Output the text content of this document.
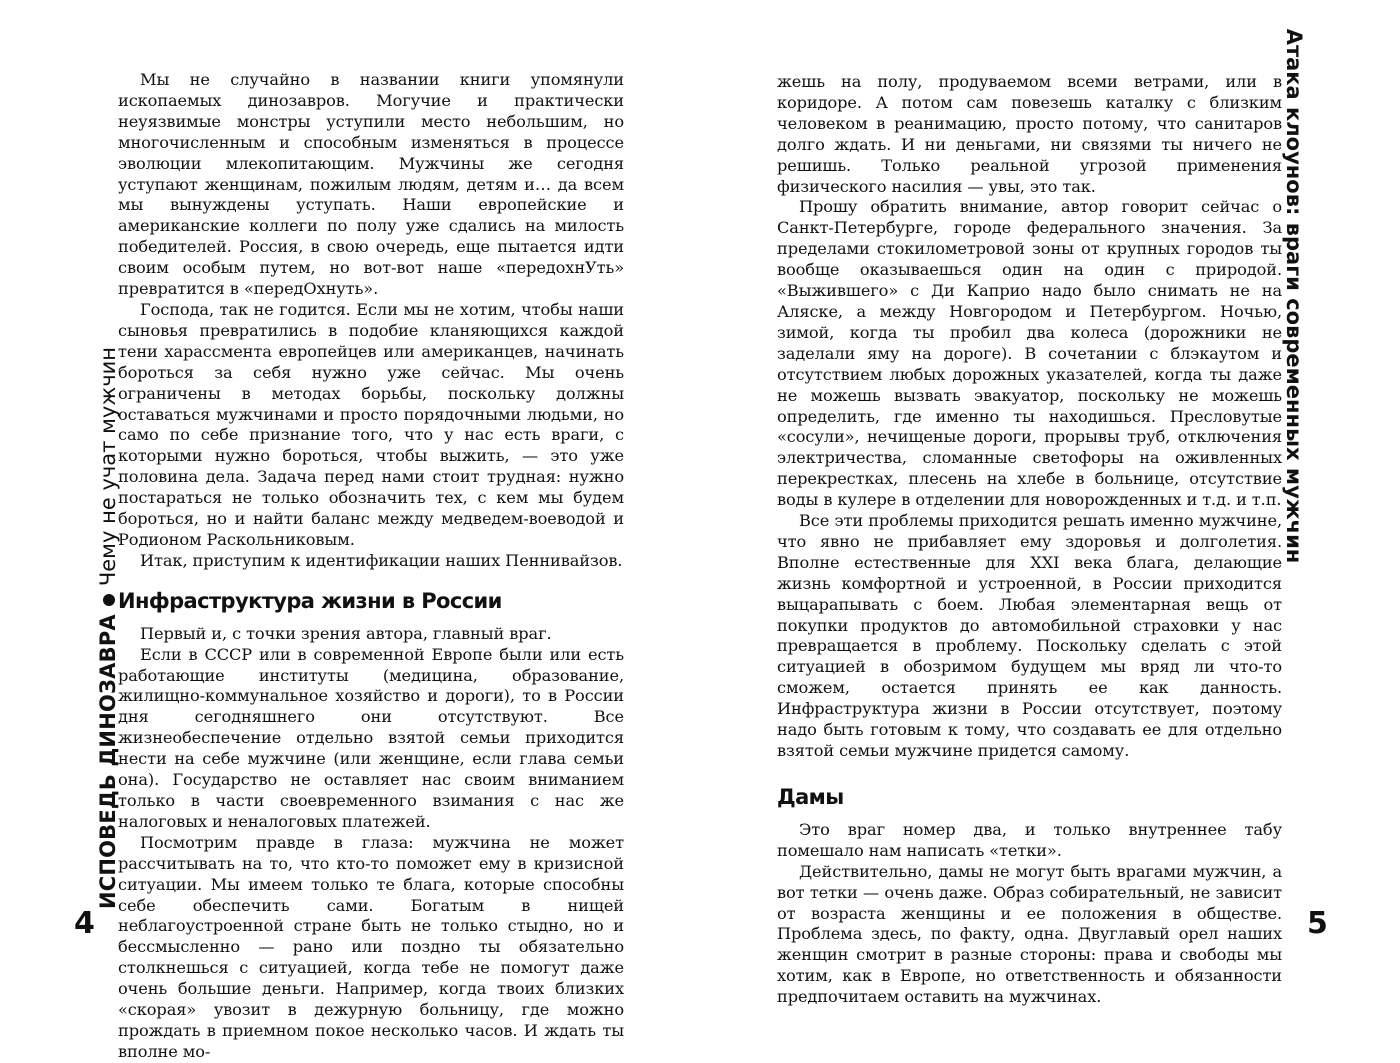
ИСПОВЕДЬ ДИНОЗАВРАЧему не учат мужчин

Мы не случайно в названии книги упомянули ископаемых динозавров. Могучие и практически неуязвимые монстры уступили место небольшим, но многочисленным и способным изменяться в процессе эволюции млекопитающим. Мужчины же сегодня уступают женщинам, пожилым людям, детям и… да всем мы вынуждены уступать. Наши европейские и американские коллеги по полу уже сдались на милость победителей. Россия, в свою очередь, еще пытается идти своим особым путем, но вот-вот наше «передохнУть» превратится в «передОхнуть».

Господа, так не годится. Если мы не хотим, чтобы наши сыновья превратились в подобие кланяющихся каждой тени харассмента европейцев или американцев, начинать бороться за себя нужно уже сейчас. Мы очень ограничены в методах борьбы, поскольку должны оставаться мужчинами и просто порядочными людьми, но само по себе признание того, что у нас есть враги, с которыми нужно бороться, чтобы выжить, — это уже половина дела. Задача перед нами стоит трудная: нужно постараться не только обозначить тех, с кем мы будем бороться, но и найти баланс между медведем-воеводой и Родионом Раскольниковым.

Итак, приступим к идентификации наших Пеннивайзов.

Инфраструктура жизни в России

Первый и, с точки зрения автора, главный враг.

Если в СССР или в современной Европе были или есть работающие институты (медицина, образование, жилищно-коммунальное хозяйство и дороги), то в России дня сегодняшнего они отсутствуют. Все жизнеобеспечение отдельно взятой семьи приходится нести на себе мужчине (или женщине, если глава семьи она). Государство не оставляет нас своим вниманием только в части своевременного взимания с нас же налоговых и неналоговых платежей.

Посмотрим правде в глаза: мужчина не может рассчитывать на то, что кто-то поможет ему в кризисной ситуации. Мы имеем только те блага, которые способны себе обеспечить сами. Богатым в нищей неблагоустроенной стране быть не только стыдно, но и бессмысленно — рано или поздно ты обязательно столкнешься с ситуацией, когда тебе не помогут даже очень большие деньги. Например, когда твоих близких «скорая» увозит в дежурную больницу, где можно прождать в приемном покое несколько часов. И ждать ты вполне мо-

4

жешь на полу, продуваемом всеми ветрами, или в коридоре. А потом сам повезешь каталку с близким человеком в реанимацию, просто потому, что санитаров долго ждать. И ни деньгами, ни связями ты ничего не решишь. Только реальной угрозой применения физического насилия — увы, это так.

Прошу обратить внимание, автор говорит сейчас о Санкт-Петербурге, городе федерального значения. За пределами стокилометровой зоны от крупных городов ты вообще оказываешься один на один с природой. «Выжившего» с Ди Каприо надо было снимать не на Аляске, а между Новгородом и Петербургом. Ночью, зимой, когда ты пробил два колеса (дорожники не заделали яму на дороге). В сочетании с блэкаутом и отсутствием любых дорожных указателей, когда ты даже не можешь вызвать эвакуатор, поскольку не можешь определить, где именно ты находишься. Пресловутые «сосули», нечищеные дороги, прорывы труб, отключения электричества, сломанные светофоры на оживленных перекрестках, плесень на хлебе в больнице, отсутствие воды в кулере в отделении для новорожденных и т.д. и т.п.

Все эти проблемы приходится решать именно мужчине, что явно не прибавляет ему здоровья и долголетия. Вполне естественные для XXI века блага, делающие жизнь комфортной и устроенной, в России приходится выцарапывать с боем. Любая элементарная вещь от покупки продуктов до автомобильной страховки у нас превращается в проблему. Поскольку сделать с этой ситуацией в обозримом будущем мы вряд ли что-то сможем, остается принять ее как данность. Инфраструктура жизни в России отсутствует, поэтому надо быть готовым к тому, что создавать ее для отдельно взятой семьи мужчине придется самому.

Дамы

Это враг номер два, и только внутреннее табу помешало нам написать «тетки».

Действительно, дамы не могут быть врагами мужчин, а вот тетки — очень даже. Образ собирательный, не зависит от возраста женщины и ее положения в обществе. Проблема здесь, по факту, одна. Двуглавый орел наших женщин смотрит в разные стороны: права и свободы мы хотим, как в Европе, но ответственность и обязанности предпочитаем оставить на мужчинах.

Атака клоунов: враги современных мужчин
5
